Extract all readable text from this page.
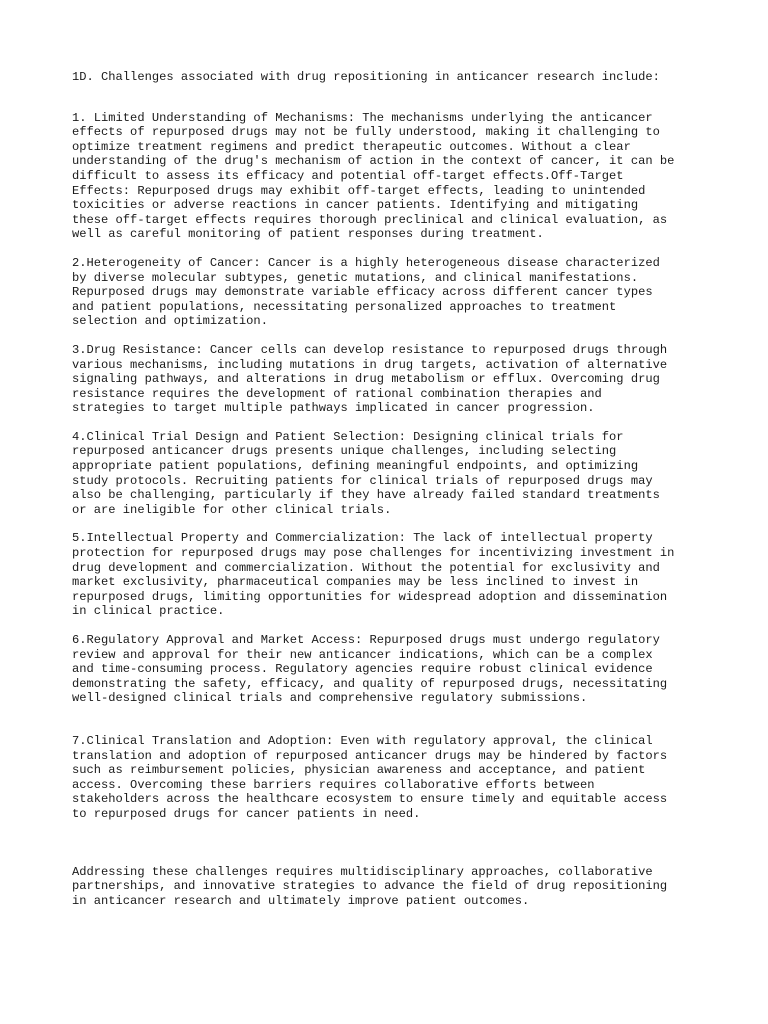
1D. Challenges associated with drug repositioning in anticancer research include:

1. Limited Understanding of Mechanisms: The mechanisms underlying the anticancer
effects of repurposed drugs may not be fully understood, making it challenging to
optimize treatment regimens and predict therapeutic outcomes. Without a clear
understanding of the drug's mechanism of action in the context of cancer, it can be
difficult to assess its efficacy and potential off-target effects.Off-Target
Effects: Repurposed drugs may exhibit off-target effects, leading to unintended
toxicities or adverse reactions in cancer patients. Identifying and mitigating
these off-target effects requires thorough preclinical and clinical evaluation, as
well as careful monitoring of patient responses during treatment.

2.Heterogeneity of Cancer: Cancer is a highly heterogeneous disease characterized
by diverse molecular subtypes, genetic mutations, and clinical manifestations.
Repurposed drugs may demonstrate variable efficacy across different cancer types
and patient populations, necessitating personalized approaches to treatment
selection and optimization.

3.Drug Resistance: Cancer cells can develop resistance to repurposed drugs through
various mechanisms, including mutations in drug targets, activation of alternative
signaling pathways, and alterations in drug metabolism or efflux. Overcoming drug
resistance requires the development of rational combination therapies and
strategies to target multiple pathways implicated in cancer progression.

4.Clinical Trial Design and Patient Selection: Designing clinical trials for
repurposed anticancer drugs presents unique challenges, including selecting
appropriate patient populations, defining meaningful endpoints, and optimizing
study protocols. Recruiting patients for clinical trials of repurposed drugs may
also be challenging, particularly if they have already failed standard treatments
or are ineligible for other clinical trials.

5.Intellectual Property and Commercialization: The lack of intellectual property
protection for repurposed drugs may pose challenges for incentivizing investment in
drug development and commercialization. Without the potential for exclusivity and
market exclusivity, pharmaceutical companies may be less inclined to invest in
repurposed drugs, limiting opportunities for widespread adoption and dissemination
in clinical practice.

6.Regulatory Approval and Market Access: Repurposed drugs must undergo regulatory
review and approval for their new anticancer indications, which can be a complex
and time-consuming process. Regulatory agencies require robust clinical evidence
demonstrating the safety, efficacy, and quality of repurposed drugs, necessitating
well-designed clinical trials and comprehensive regulatory submissions.

7.Clinical Translation and Adoption: Even with regulatory approval, the clinical
translation and adoption of repurposed anticancer drugs may be hindered by factors
such as reimbursement policies, physician awareness and acceptance, and patient
access. Overcoming these barriers requires collaborative efforts between
stakeholders across the healthcare ecosystem to ensure timely and equitable access
to repurposed drugs for cancer patients in need.

Addressing these challenges requires multidisciplinary approaches, collaborative
partnerships, and innovative strategies to advance the field of drug repositioning
in anticancer research and ultimately improve patient outcomes.
